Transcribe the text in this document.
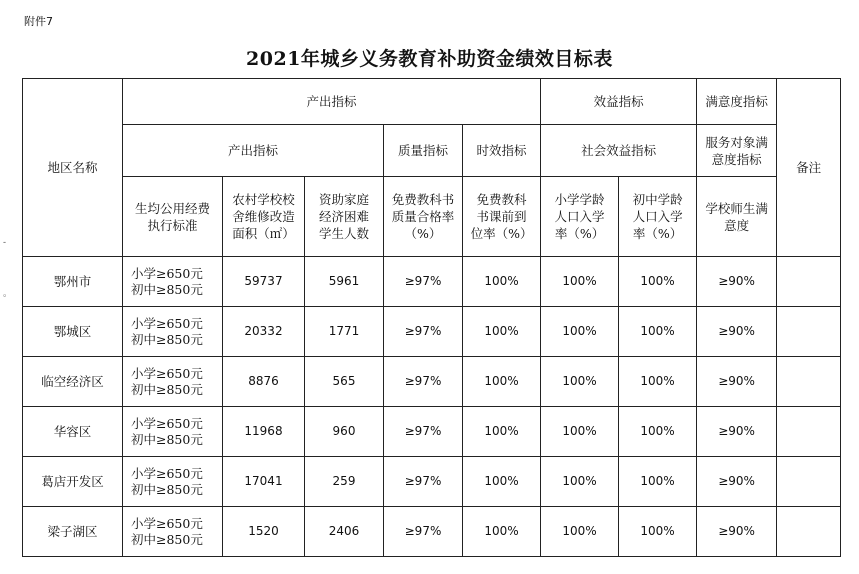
附件7
2021年城乡义务教育补助资金绩效目标表
-
。
地区名称	产出指标					效益指标		满意度指标	备注
	产出指标			质量指标	时效指标	社会效益指标		服务对象满
意度指标	

	生均公用经费
执行标准	农村学校校
舍维修改造
面积（㎡）	资助家庭
经济困难
学生人数	免费教科书
质量合格率
（%）	免费教科
书课前到
位率（%）	小学学龄
人口入学
率（%）	初中学龄
人口入学
率（%）	学校师生满
意度	

鄂州市	小学≥650元
初中≥850元	59737	5961	≥97%	100%	100%	100%	≥90%	
鄂城区	小学≥650元
初中≥850元	20332	1771	≥97%	100%	100%	100%	≥90%	
临空经济区	小学≥650元
初中≥850元	8876	565	≥97%	100%	100%	100%	≥90%	
华容区	小学≥650元
初中≥850元	11968	960	≥97%	100%	100%	100%	≥90%	
葛店开发区	小学≥650元
初中≥850元	17041	259	≥97%	100%	100%	100%	≥90%	
梁子湖区	小学≥650元
初中≥850元	1520	2406	≥97%	100%	100%	100%	≥90%	
